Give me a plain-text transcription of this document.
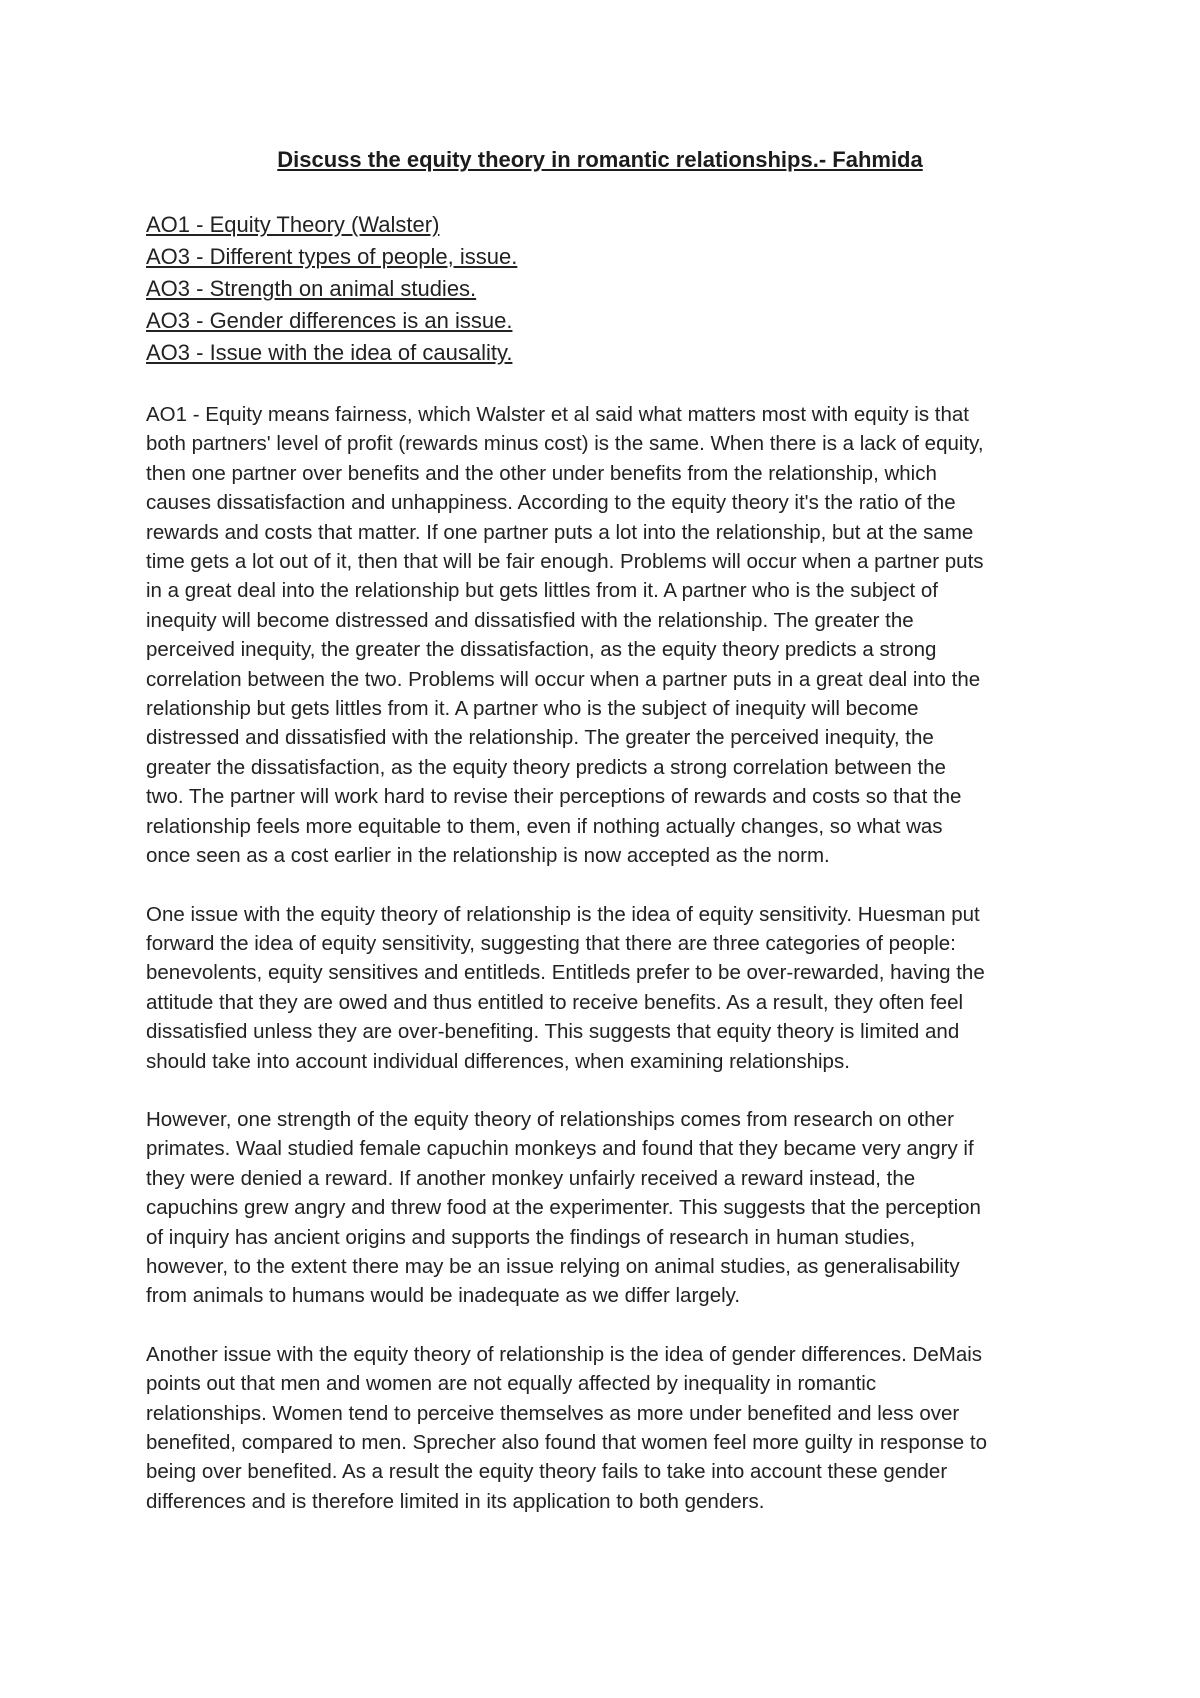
Discuss the equity theory in romantic relationships.- Fahmida
AO1 - Equity Theory (Walster)
AO3 - Different types of people, issue.
AO3 - Strength on animal studies.
AO3 - Gender differences is an issue.
AO3 - Issue with the idea of causality.

AO1 - Equity means fairness, which Walster et al said what matters most with equity is that
both partners' level of profit (rewards minus cost) is the same. When there is a lack of equity,
then one partner over benefits and the other under benefits from the relationship, which
causes dissatisfaction and unhappiness. According to the equity theory it's the ratio of the
rewards and costs that matter. If one partner puts a lot into the relationship, but at the same
time gets a lot out of it, then that will be fair enough. Problems will occur when a partner puts
in a great deal into the relationship but gets littles from it. A partner who is the subject of
inequity will become distressed and dissatisfied with the relationship. The greater the
perceived inequity, the greater the dissatisfaction, as the equity theory predicts a strong
correlation between the two. Problems will occur when a partner puts in a great deal into the
relationship but gets littles from it. A partner who is the subject of inequity will become
distressed and dissatisfied with the relationship. The greater the perceived inequity, the
greater the dissatisfaction, as the equity theory predicts a strong correlation between the
two. The partner will work hard to revise their perceptions of rewards and costs so that the
relationship feels more equitable to them, even if nothing actually changes, so what was
once seen as a cost earlier in the relationship is now accepted as the norm.

One issue with the equity theory of relationship is the idea of equity sensitivity. Huesman put
forward the idea of equity sensitivity, suggesting that there are three categories of people:
benevolents, equity sensitives and entitleds. Entitleds prefer to be over-rewarded, having the
attitude that they are owed and thus entitled to receive benefits. As a result, they often feel
dissatisfied unless they are over-benefiting. This suggests that equity theory is limited and
should take into account individual differences, when examining relationships.

However, one strength of the equity theory of relationships comes from research on other
primates. Waal studied female capuchin monkeys and found that they became very angry if
they were denied a reward. If another monkey unfairly received a reward instead, the
capuchins grew angry and threw food at the experimenter. This suggests that the perception
of inquiry has ancient origins and supports the findings of research in human studies,
however, to the extent there may be an issue relying on animal studies, as generalisability
from animals to humans would be inadequate as we differ largely.

Another issue with the equity theory of relationship is the idea of gender differences. DeMais
points out that men and women are not equally affected by inequality in romantic
relationships. Women tend to perceive themselves as more under benefited and less over
benefited, compared to men. Sprecher also found that women feel more guilty in response to
being over benefited. As a result the equity theory fails to take into account these gender
differences and is therefore limited in its application to both genders.
